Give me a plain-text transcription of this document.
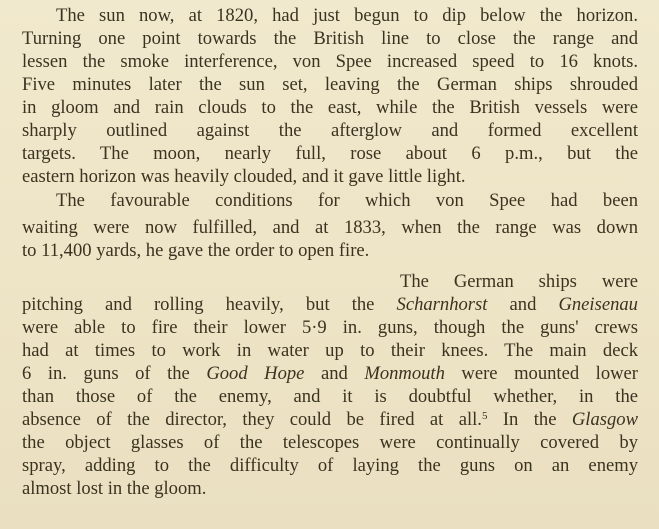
The sun now, at 1820, had just begun to dip below the horizon.
Turning one point towards the British line to close the range and
lessen the smoke interference, von Spee increased speed to 16 knots.
Five minutes later the sun set, leaving the German ships shrouded
in gloom and rain clouds to the east, while the British vessels were
sharply outlined against the afterglow and formed excellent
targets. The moon, nearly full, rose about 6 p.m., but the
eastern horizon was heavily clouded, and it gave little light.
The favourable conditions for which von Spee had been
waiting were now fulfilled, and at 1833, when the range was down
to 11,400 yards, he gave the order to open fire.
The German ships were
pitching and rolling heavily, but the Scharnhorst and Gneisenau
were able to fire their lower 5·9 in. guns, though the guns' crews
had at times to work in water up to their knees. The main deck
6 in. guns of the Good Hope and Monmouth were mounted lower
than those of the enemy, and it is doubtful whether, in the
absence of the director, they could be fired at all.$^5$ In the Glasgow
the object glasses of the telescopes were continually covered by
spray, adding to the difficulty of laying the guns on an enemy
almost lost in the gloom.
